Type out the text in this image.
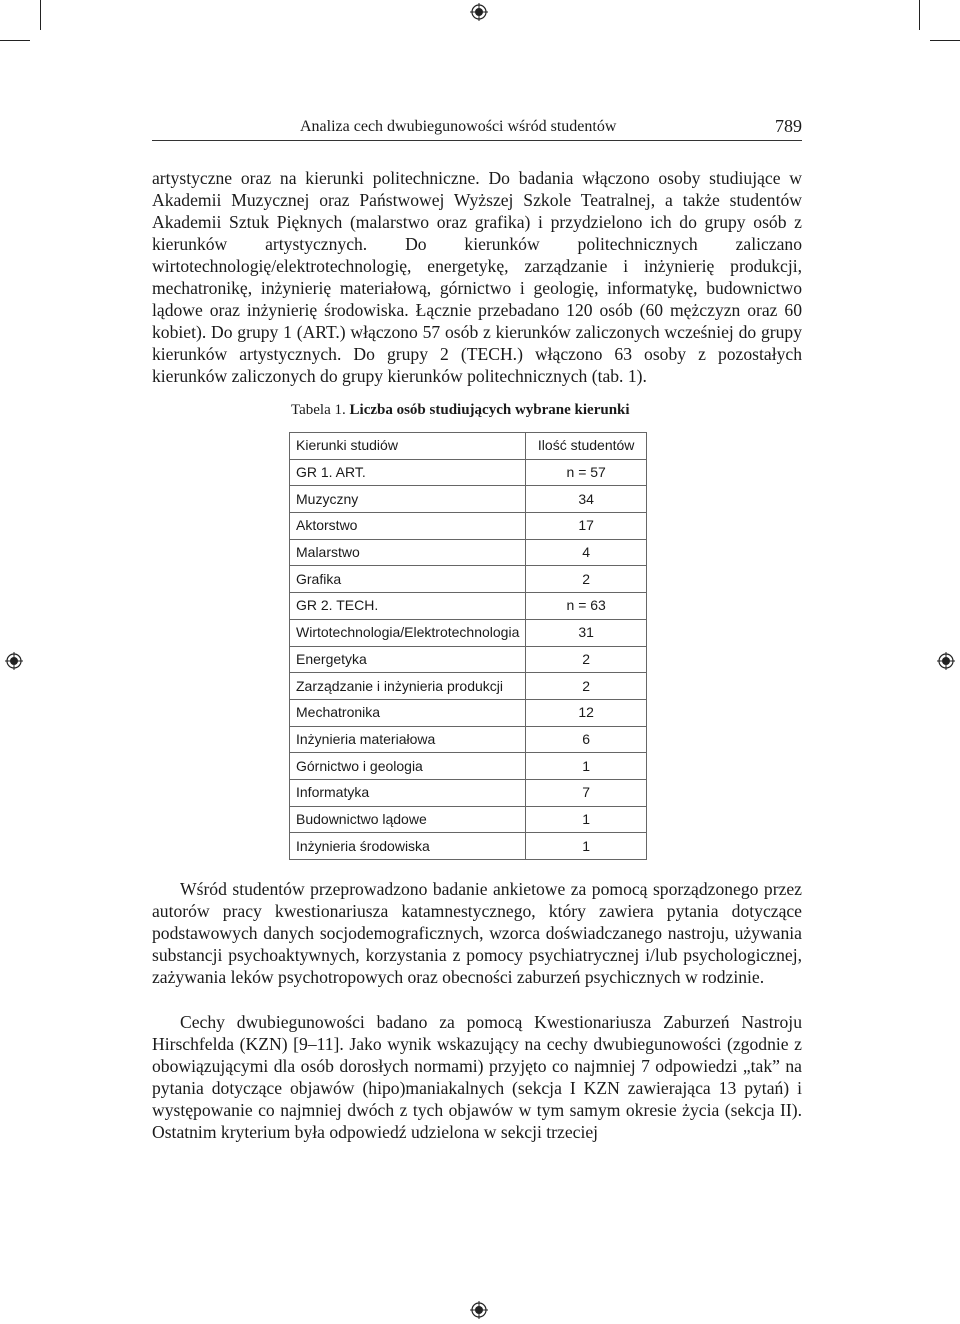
Analiza cech dwubiegunowości wśród studentów	789

artystyczne oraz na kierunki politechniczne. Do badania włączono osoby studiujące w Akademii Muzycznej oraz Państwowej Wyższej Szkole Teatralnej, a także studentów Akademii Sztuk Pięknych (malarstwo oraz grafika) i przydzielono ich do grupy osób z kierunków artystycznych. Do kierunków politechnicznych zaliczano wirtotechnologię/elektrotechnologię, energetykę, zarządzanie i inżynierię produkcji, mechatronikę, inżynierię materiałową, górnictwo i geologię, informatykę, budownictwo lądowe oraz inżynierię środowiska. Łącznie przebadano 120 osób (60 mężczyzn oraz 60 kobiet). Do grupy 1 (ART.) włączono 57 osób z kierunków zaliczonych wcześniej do grupy kierunków artystycznych. Do grupy 2 (TECH.) włączono 63 osoby z pozostałych kierunków zaliczonych do grupy kierunków politechnicznych (tab. 1).

Tabela 1. Liczba osób studiujących wybrane kierunki
Kierunki studiów	Ilość studentów
GR 1. ART.	n = 57
Muzyczny	34
Aktorstwo	17
Malarstwo	4
Grafika	2
GR 2. TECH.	n = 63
Wirtotechnologia/Elektrotechnologia	31
Energetyka	2
Zarządzanie i inżynieria produkcji	2
Mechatronika	12
Inżynieria materiałowa	6
Górnictwo i geologia	1
Informatyka	7
Budownictwo lądowe	1
Inżynieria środowiska	1

Wśród studentów przeprowadzono badanie ankietowe za pomocą sporządzonego przez autorów pracy kwestionariusza katamnestycznego, który zawiera pytania dotyczące podstawowych danych socjodemograficznych, wzorca doświadczanego nastroju, używania substancji psychoaktywnych, korzystania z pomocy psychiatrycznej i/lub psychologicznej, zażywania leków psychotropowych oraz obecności zaburzeń psychicznych w rodzinie.

Cechy dwubiegunowości badano za pomocą Kwestionariusza Zaburzeń Nastroju Hirschfelda (KZN) [9–11]. Jako wynik wskazujący na cechy dwubiegunowości (zgodnie z obowiązującymi dla osób dorosłych normami) przyjęto co najmniej 7 odpowiedzi „tak” na pytania dotyczące objawów (hipo)maniakalnych (sekcja I KZN zawierająca 13 pytań) i występowanie co najmniej dwóch z tych objawów w tym samym okresie życia (sekcja II). Ostatnim kryterium była odpowiedź udzielona w sekcji trzeciej
